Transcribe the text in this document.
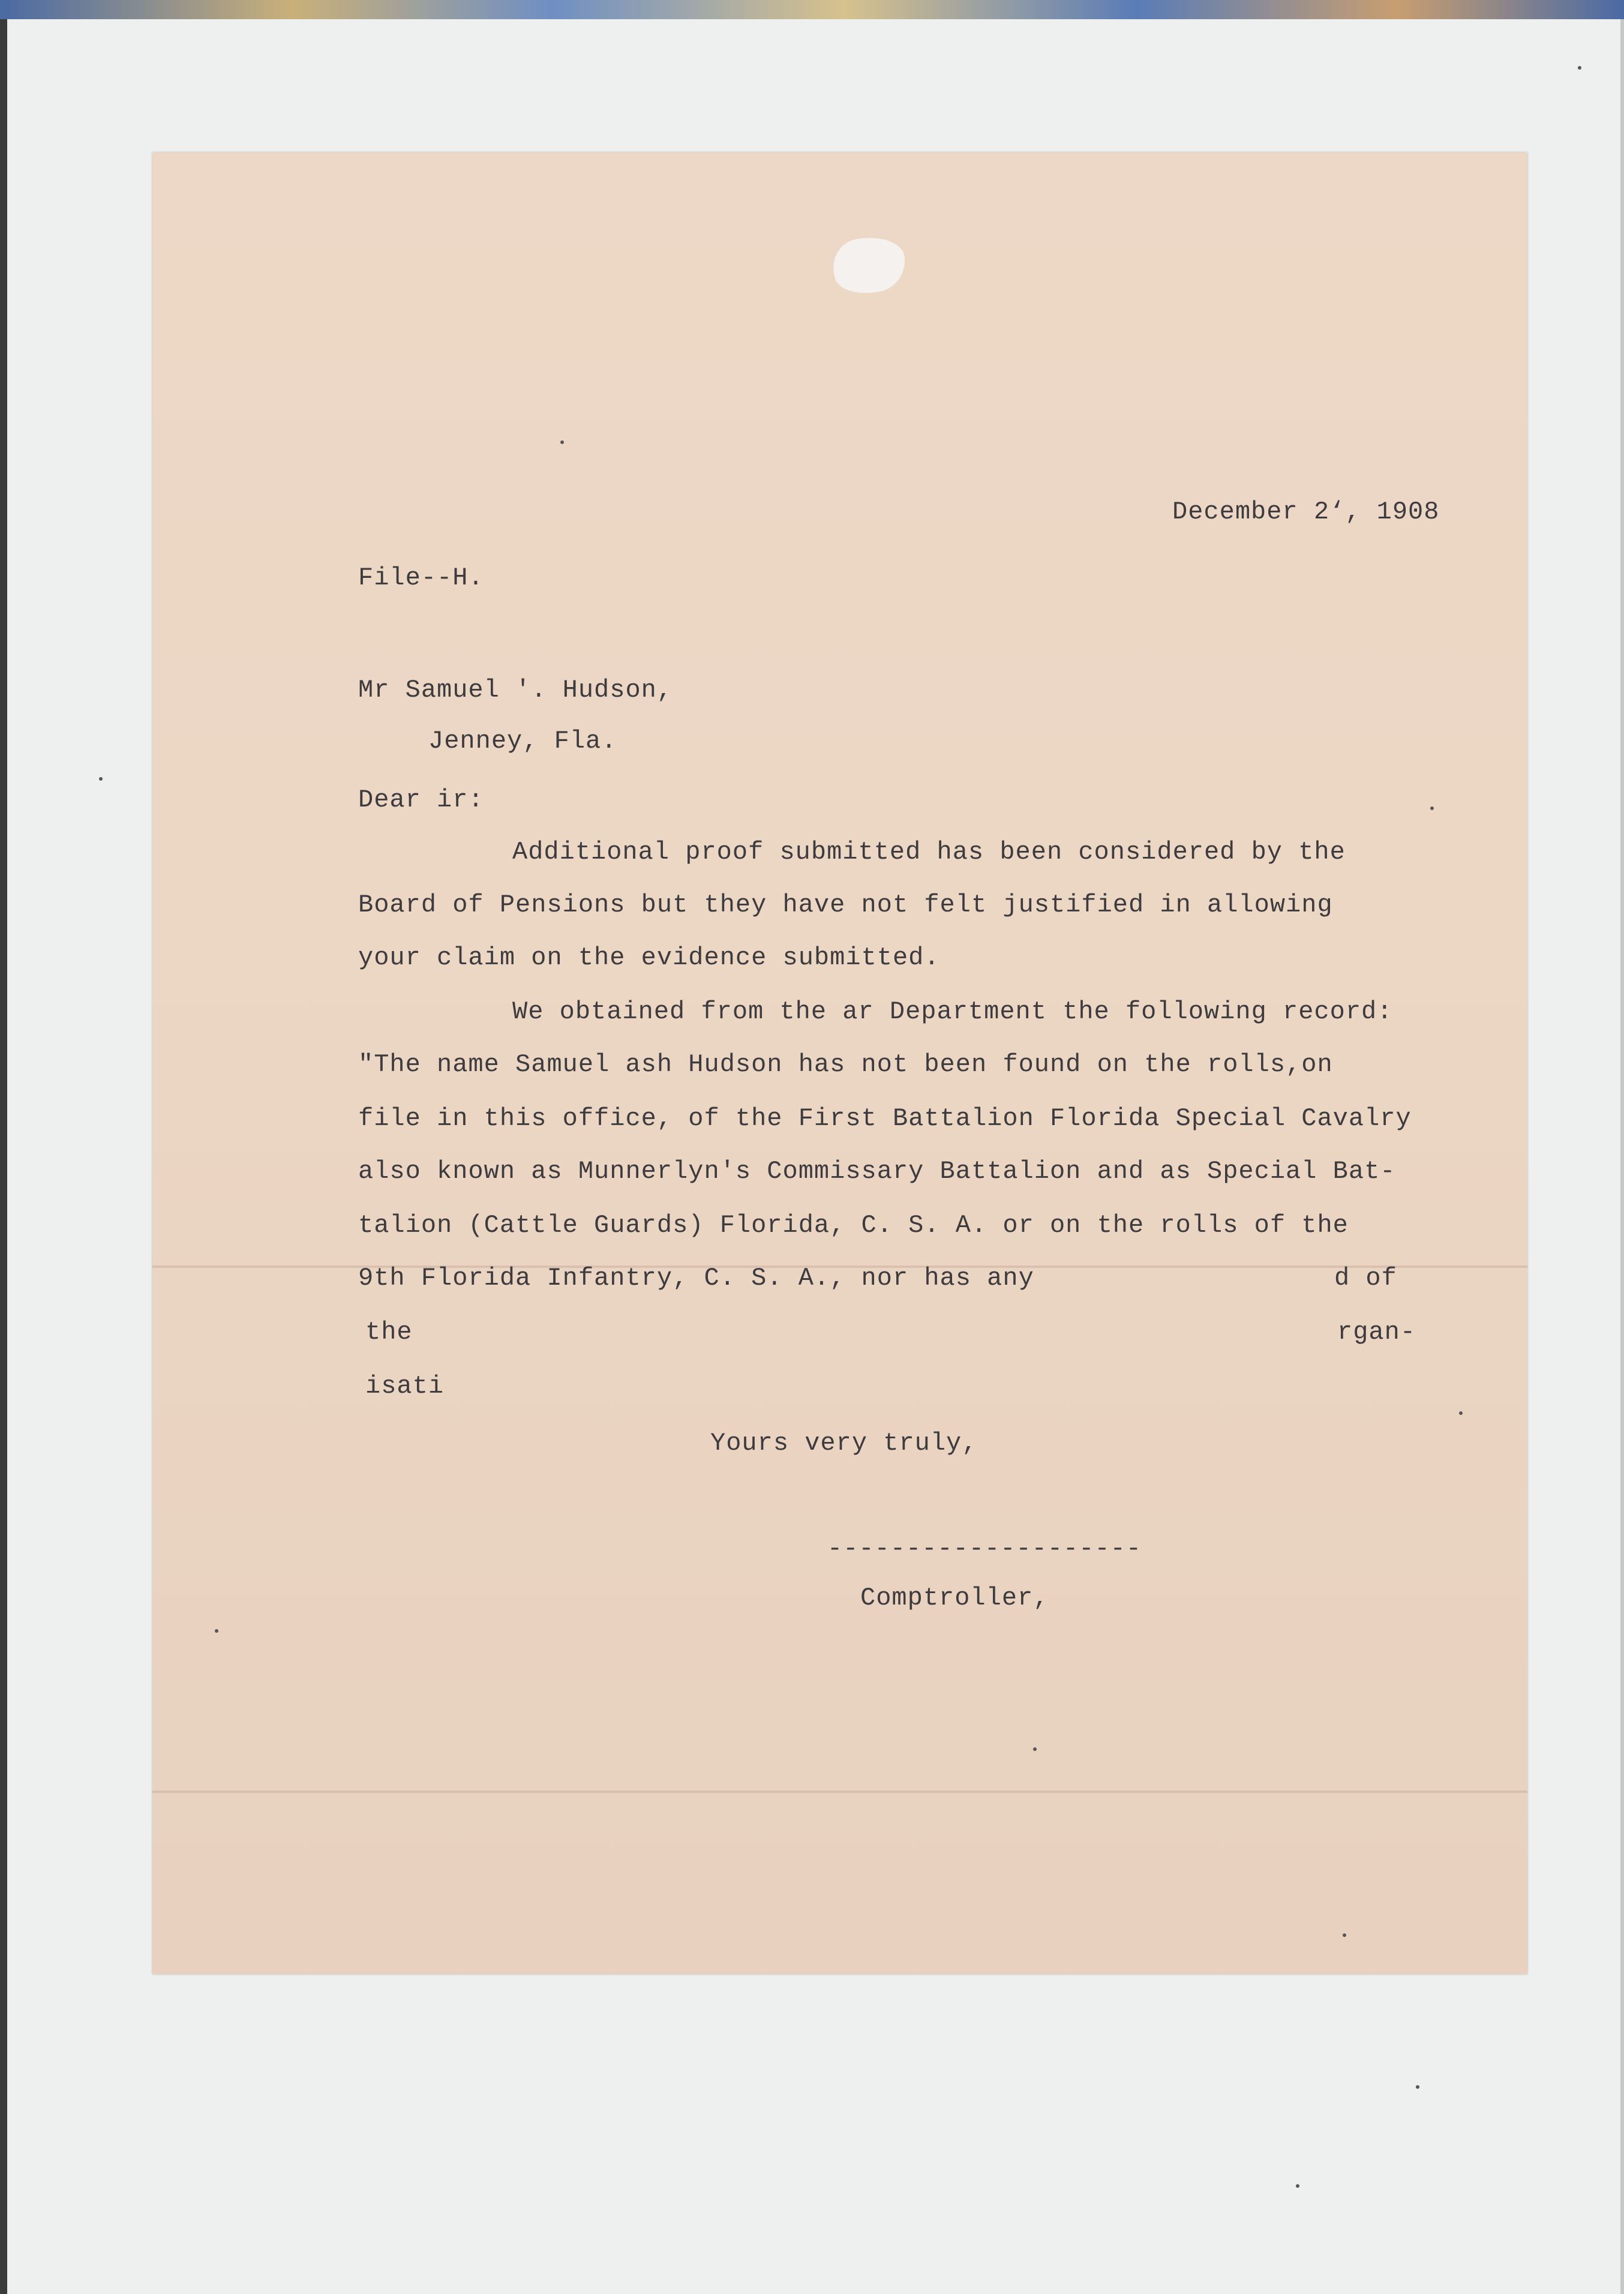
December 2‘, 1908
File--H.
Mr Samuel '. Hudson,
Jenney, Fla.
Dear ir:
Additional proof submitted has been considered by the
Board of Pensions but they have not felt justified in allowing
your claim on the evidence submitted.
We obtained from the ar Department the following record:
"The name Samuel ash Hudson has not been found on the rolls,on
file in this office, of the First Battalion Florida Special Cavalry
also known as Munnerlyn's Commissary Battalion and as Special Bat-
talion (Cattle Guards) Florida, C. S. A. or on the rolls of the
9th Florida Infantry, C. S. A., nor has any	d of
the	rgan-
isati
Yours very truly,
--------------------
Comptroller,
